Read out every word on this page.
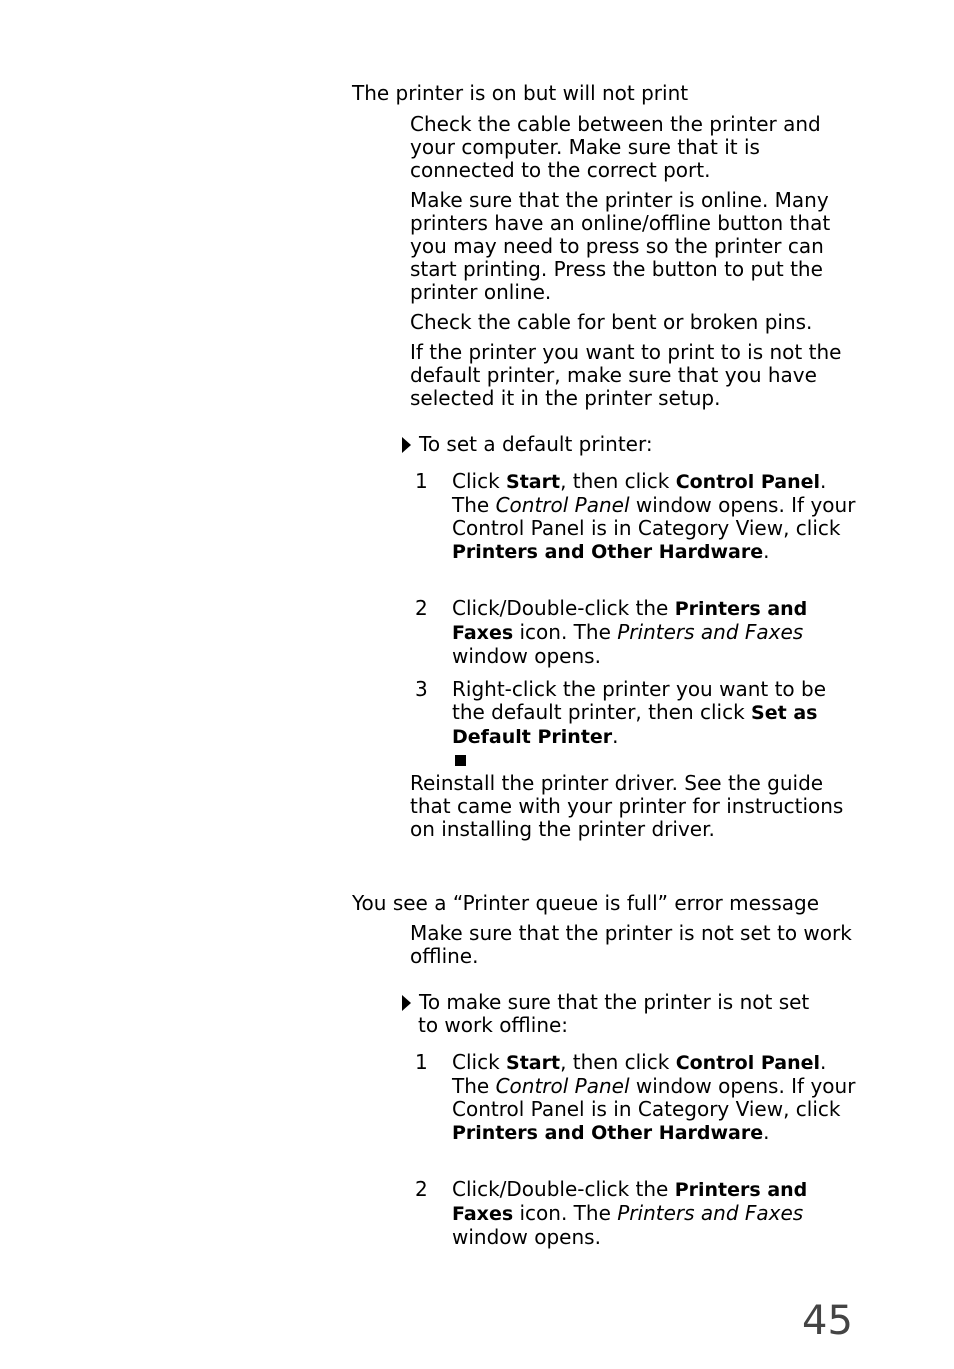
The printer is on but will not print
Check the cable between the printer and your computer. Make sure that it is connected to the correct port.
Make sure that the printer is online. Many printers have an online/offline button that you may need to press so the printer can start printing. Press the button to put the printer online.
Check the cable for bent or broken pins.
If the printer you want to print to is not the default printer, make sure that you have selected it in the printer setup.
To set a default printer:
1	Click Start, then click Control Panel. The Control Panel window opens. If your Control Panel is in Category View, click Printers and Other Hardware.
2	Click/Double-click the Printers and Faxes icon. The Printers and Faxes window opens.
3	Right-click the printer you want to be the default printer, then click Set as Default Printer.
Reinstall the printer driver. See the guide that came with your printer for instructions on installing the printer driver.
You see a “Printer queue is full” error message
Make sure that the printer is not set to work offline.
To make sure that the printer is not set
to work offline:
1	Click Start, then click Control Panel. The Control Panel window opens. If your Control Panel is in Category View, click Printers and Other Hardware.
2	Click/Double-click the Printers and Faxes icon. The Printers and Faxes window opens.
45
